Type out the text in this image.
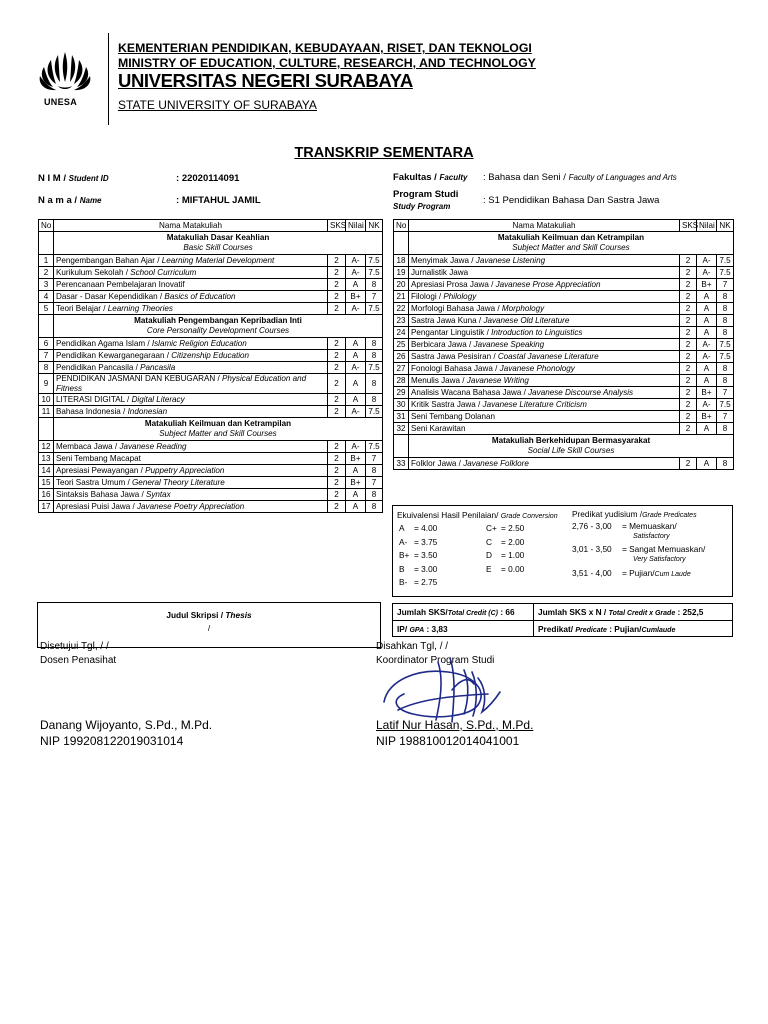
UNESA
KEMENTERIAN PENDIDIKAN, KEBUDAYAAN, RISET, DAN TEKNOLOGI
MINISTRY OF EDUCATION, CULTURE, RESEARCH, AND TECHNOLOGY
UNIVERSITAS NEGERI SURABAYA
STATE UNIVERSITY OF SURABAYA
TRANSKRIP SEMENTARA
N I M / Student ID	: 22020114091
N a m a / Name	: MIFTAHUL JAMIL
Fakultas / Faculty : Bahasa dan Seni / Faculty of Languages and Arts
Program Studi
Study Program
: S1 Pendidikan Bahasa Dan Sastra Jawa
No	Nama Matakuliah	SKS	Nilai	NK
	Matakuliah Dasar Keahlian
Basic Skill Courses			

1	Pengembangan Bahan Ajar / Learning Material Development	2	A-	7.5
2	Kurikulum Sekolah / School Curriculum	2	A-	7.5
3	Perencanaan Pembelajaran Inovatif	2	A	8
4	Dasar - Dasar Kependidikan / Basics of Education	2	B+	7
5	Teori Belajar / Learning Theories	2	A-	7.5
	Matakuliah Pengembangan Kepribadian Inti
Core Personality Development Courses			

6	Pendidikan Agama Islam / Islamic Religion Education	2	A	8
7	Pendidikan Kewarganegaraan / Citizenship Education	2	A	8
8	Pendidikan Pancasila / Pancasila	2	A-	7.5
9	PENDIDIKAN JASMANI DAN KEBUGARAN / Physical Education and Fitness	2	A	8
10	LITERASI DIGITAL / Digital Literacy	2	A	8
11	Bahasa Indonesia / Indonesian	2	A-	7.5
	Matakuliah Keilmuan dan Ketrampilan
Subject Matter and Skill Courses			

12	Membaca Jawa / Javanese Reading	2	A-	7.5
13	Seni Tembang Macapat	2	B+	7
14	Apresiasi Pewayangan / Puppetry Appreciation	2	A	8
15	Teori Sastra Umum / General Theory Literature	2	B+	7
16	Sintaksis Bahasa Jawa / Syntax	2	A	8
17	Apresiasi Puisi Jawa / Javanese Poetry Appreciation	2	A	8
No	Nama Matakuliah	SKS	Nilai	NK
	Matakuliah Keilmuan dan Ketrampilan
Subject Matter and Skill Courses			

18	Menyimak Jawa / Javanese Listening	2	A-	7.5
19	Jurnalistik Jawa	2	A-	7.5
20	Apresiasi Prosa Jawa / Javanese Prose Appreciation	2	B+	7
21	Filologi / Philology	2	A	8
22	Morfologi Bahasa Jawa / Morphology	2	A	8
23	Sastra Jawa Kuna / Javanese Old Literature	2	A	8
24	Pengantar Linguistik / Introduction to Linguistics	2	A	8
25	Berbicara Jawa / Javanese Speaking	2	A-	7.5
26	Sastra Jawa Pesisiran / Coastal Javanese Literature	2	A-	7.5
27	Fonologi Bahasa Jawa / Javanese Phonology	2	A	8
28	Menulis Jawa / Javanese Writing	2	A	8
29	Analisis Wacana Bahasa Jawa / Javanese Discourse Analysis	2	B+	7
30	Kritik Sastra Jawa / Javanese Literature Criticism	2	A-	7.5
31	Seni Tembang Dolanan	2	B+	7
32	Seni Karawitan	2	A	8
	Matakuliah Berkehidupan Bermasyarakat
Social Life Skill Courses			

33	Folklor Jawa / Javanese Folklore	2	A	8
Ekuivalensi Hasil Penilaian/ Grade Conversion Predikat yudisium /Grade Predicates
A = 4.00
A- = 3.75
B+ = 3.50
B = 3.00
B- = 2.75
C+ = 2.50
C = 2.00
D = 1.00
E = 0.00
2,76 - 3,00 = Memuaskan/
Satisfactory
3,01 - 3,50 = Sangat Memuaskan/
Very Satisfactory
3,51 - 4,00 = Pujian/Cum Laude
Judul Skripsi / Thesis
/
Jumlah SKS/Total Credit (C) : 66	Jumlah SKS x N / Total Credit x Grade : 252,5
IP/ GPA : 3,83	Predikat/ Predicate : Pujian/Cumlaude
Disetujui Tgl, / /
Dosen Penasihat
Danang Wijoyanto, S.Pd., M.Pd.
NIP 199208122019031014
Disahkan Tgl, / /
Koordinator Program Studi
Latif Nur Hasan, S.Pd., M.Pd.
NIP 198810012014041001
